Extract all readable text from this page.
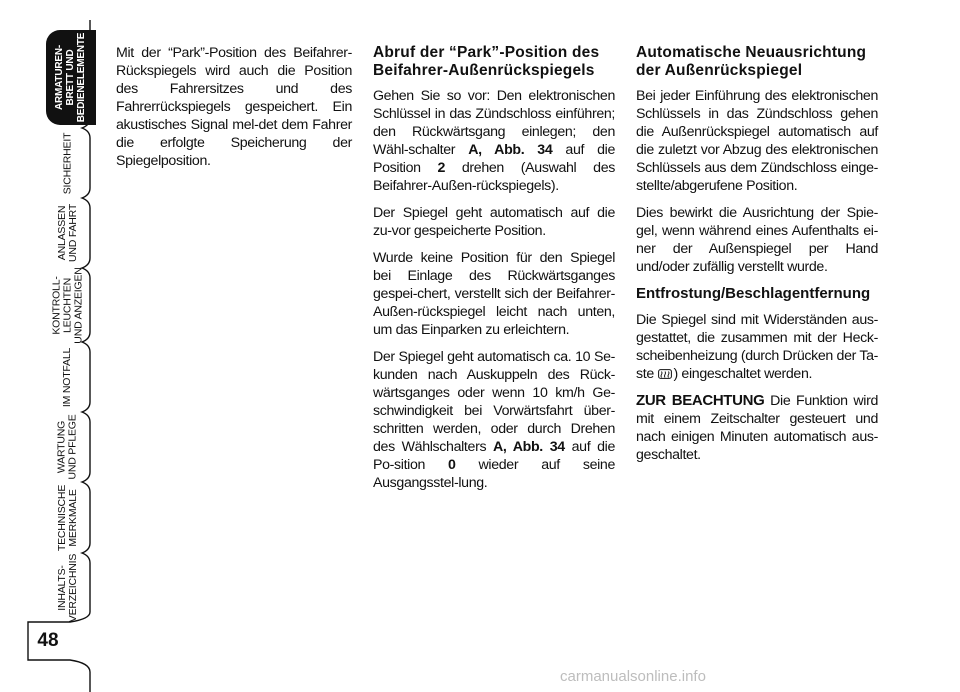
ARMATUREN-
BRETT UND
BEDIENELEMENTE
SICHERHEIT
ANLASSEN
UND FAHRT
KONTROLL-
LEUCHTEN
UND ANZEIGEN
IM NOTFALL
WARTUNG
UND PFLEGE
TECHNISCHE
MERKMALE
INHALTS-
VERZEICHNIS
48

Mit der “Park”-Position des Beifahrer-Rückspiegels wird auch die Position des Fahrersitzes und des Fahrerrückspiegels gespeichert. Ein akustisches Signal mel-det dem Fahrer die erfolgte Speicherung der Spiegelposition.

Abruf der “Park”-Position des Beifahrer-Außenrückspiegels

Gehen Sie so vor: Den elektronischen Schlüssel in das Zündschloss einführen; den Rückwärtsgang einlegen; den Wähl-schalter A, Abb. 34 auf die Position 2 drehen (Auswahl des Beifahrer-Außen-rückspiegels).

Der Spiegel geht automatisch auf die zu-vor gespeicherte Position.

Wurde keine Position für den Spiegel bei Einlage des Rückwärtsganges gespei-chert, verstellt sich der Beifahrer-Außen-rückspiegel leicht nach unten, um das Einparken zu erleichtern.

Der Spiegel geht automatisch ca. 10 Se-kunden nach Auskuppeln des Rück-wärtsganges oder wenn 10 km/h Ge-schwindigkeit bei Vorwärtsfahrt über-schritten werden, oder durch Drehen des Wählschalters A, Abb. 34 auf die Po-sition 0 wieder auf seine Ausgangsstel-lung.

Automatische Neuausrichtung der Außenrückspiegel

Bei jeder Einführung des elektronischen Schlüssels in das Zündschloss gehen die Außenrückspiegel automatisch auf die zuletzt vor Abzug des elektronischen Schlüssels aus dem Zündschloss einge-stellte/abgerufene Position.

Dies bewirkt die Ausrichtung der Spie-gel, wenn während eines Aufenthalts ei-ner der Außenspiegel per Hand und/oder zufällig verstellt wurde.

Entfrostung/Beschlagentfernung

Die Spiegel sind mit Widerständen aus-gestattet, die zusammen mit der Heck-scheibenheizung (durch Drücken der Ta-ste ) eingeschaltet werden.

ZUR BEACHTUNG Die Funktion wird mit einem Zeitschalter gesteuert und nach einigen Minuten automatisch aus-geschaltet.

carmanualsonline.info
